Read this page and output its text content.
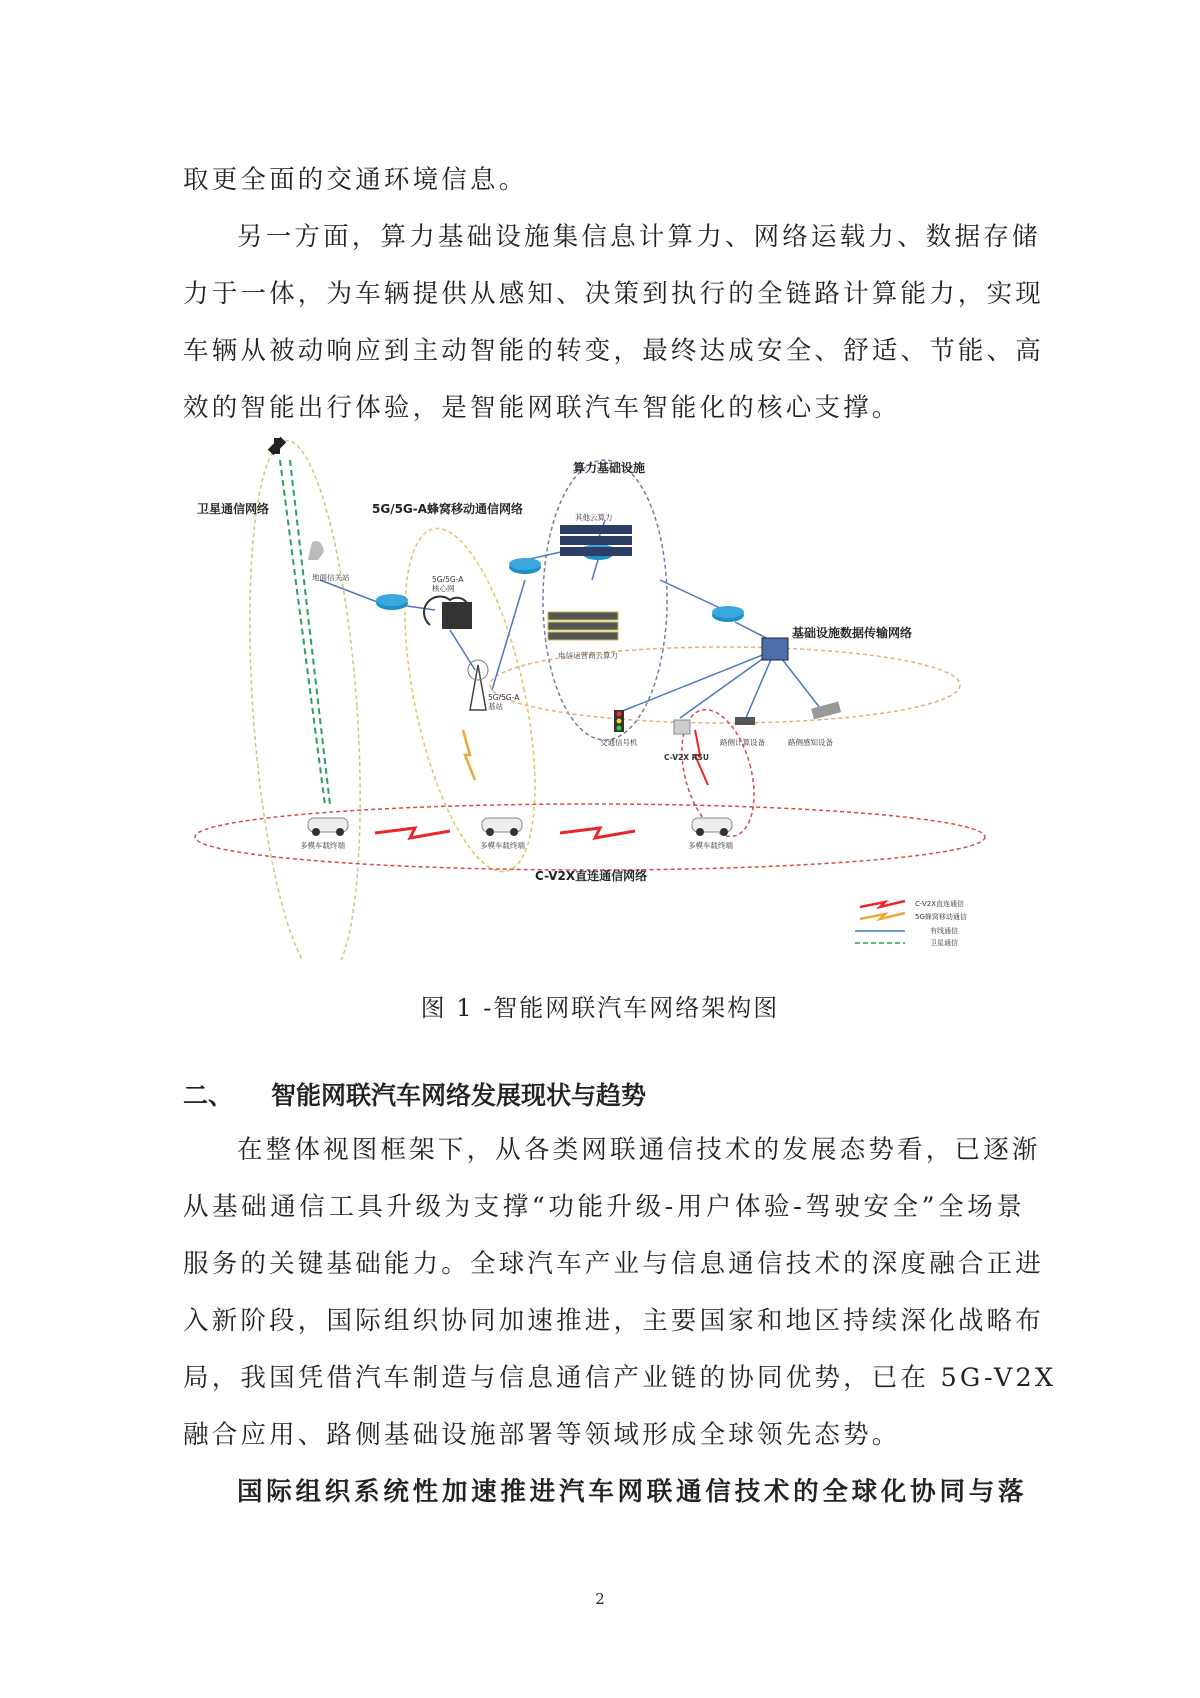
取更全面的交通环境信息。
另一方面，算力基础设施集信息计算力、网络运载力、数据存储
力于一体，为车辆提供从感知、决策到执行的全链路计算能力，实现
车辆从被动响应到主动智能的转变，最终达成安全、舒适、节能、高
效的智能出行体验，是智能网联汽车智能化的核心支撑。
卫星通信网络	5G/5G-A蜂窝移动通信网络
算力基础设施
基础设施数据传输网络
C-V2X直连通信网络
其他云算力
电信运营商云算力
地面信关站	5G/5G-A 核心网
5G/5G-A 基站
交通信号机
C-V2X RSU
路侧计算设备	路侧感知设备
多模车载终端	多模车载终端	多模车载终端
C-V2X直连通信
5G蜂窝移动通信
有线通信
卫星通信
图 1 -智能网联汽车网络架构图
二、 智能网联汽车网络发展现状与趋势
在整体视图框架下，从各类网联通信技术的发展态势看，已逐渐
从基础通信工具升级为支撑“功能升级-用户体验-驾驶安全”全场景
服务的关键基础能力。全球汽车产业与信息通信技术的深度融合正进
入新阶段，国际组织协同加速推进，主要国家和地区持续深化战略布
局，我国凭借汽车制造与信息通信产业链的协同优势，已在 5G-V2X
融合应用、路侧基础设施部署等领域形成全球领先态势。
国际组织系统性加速推进汽车网联通信技术的全球化协同与落
2
